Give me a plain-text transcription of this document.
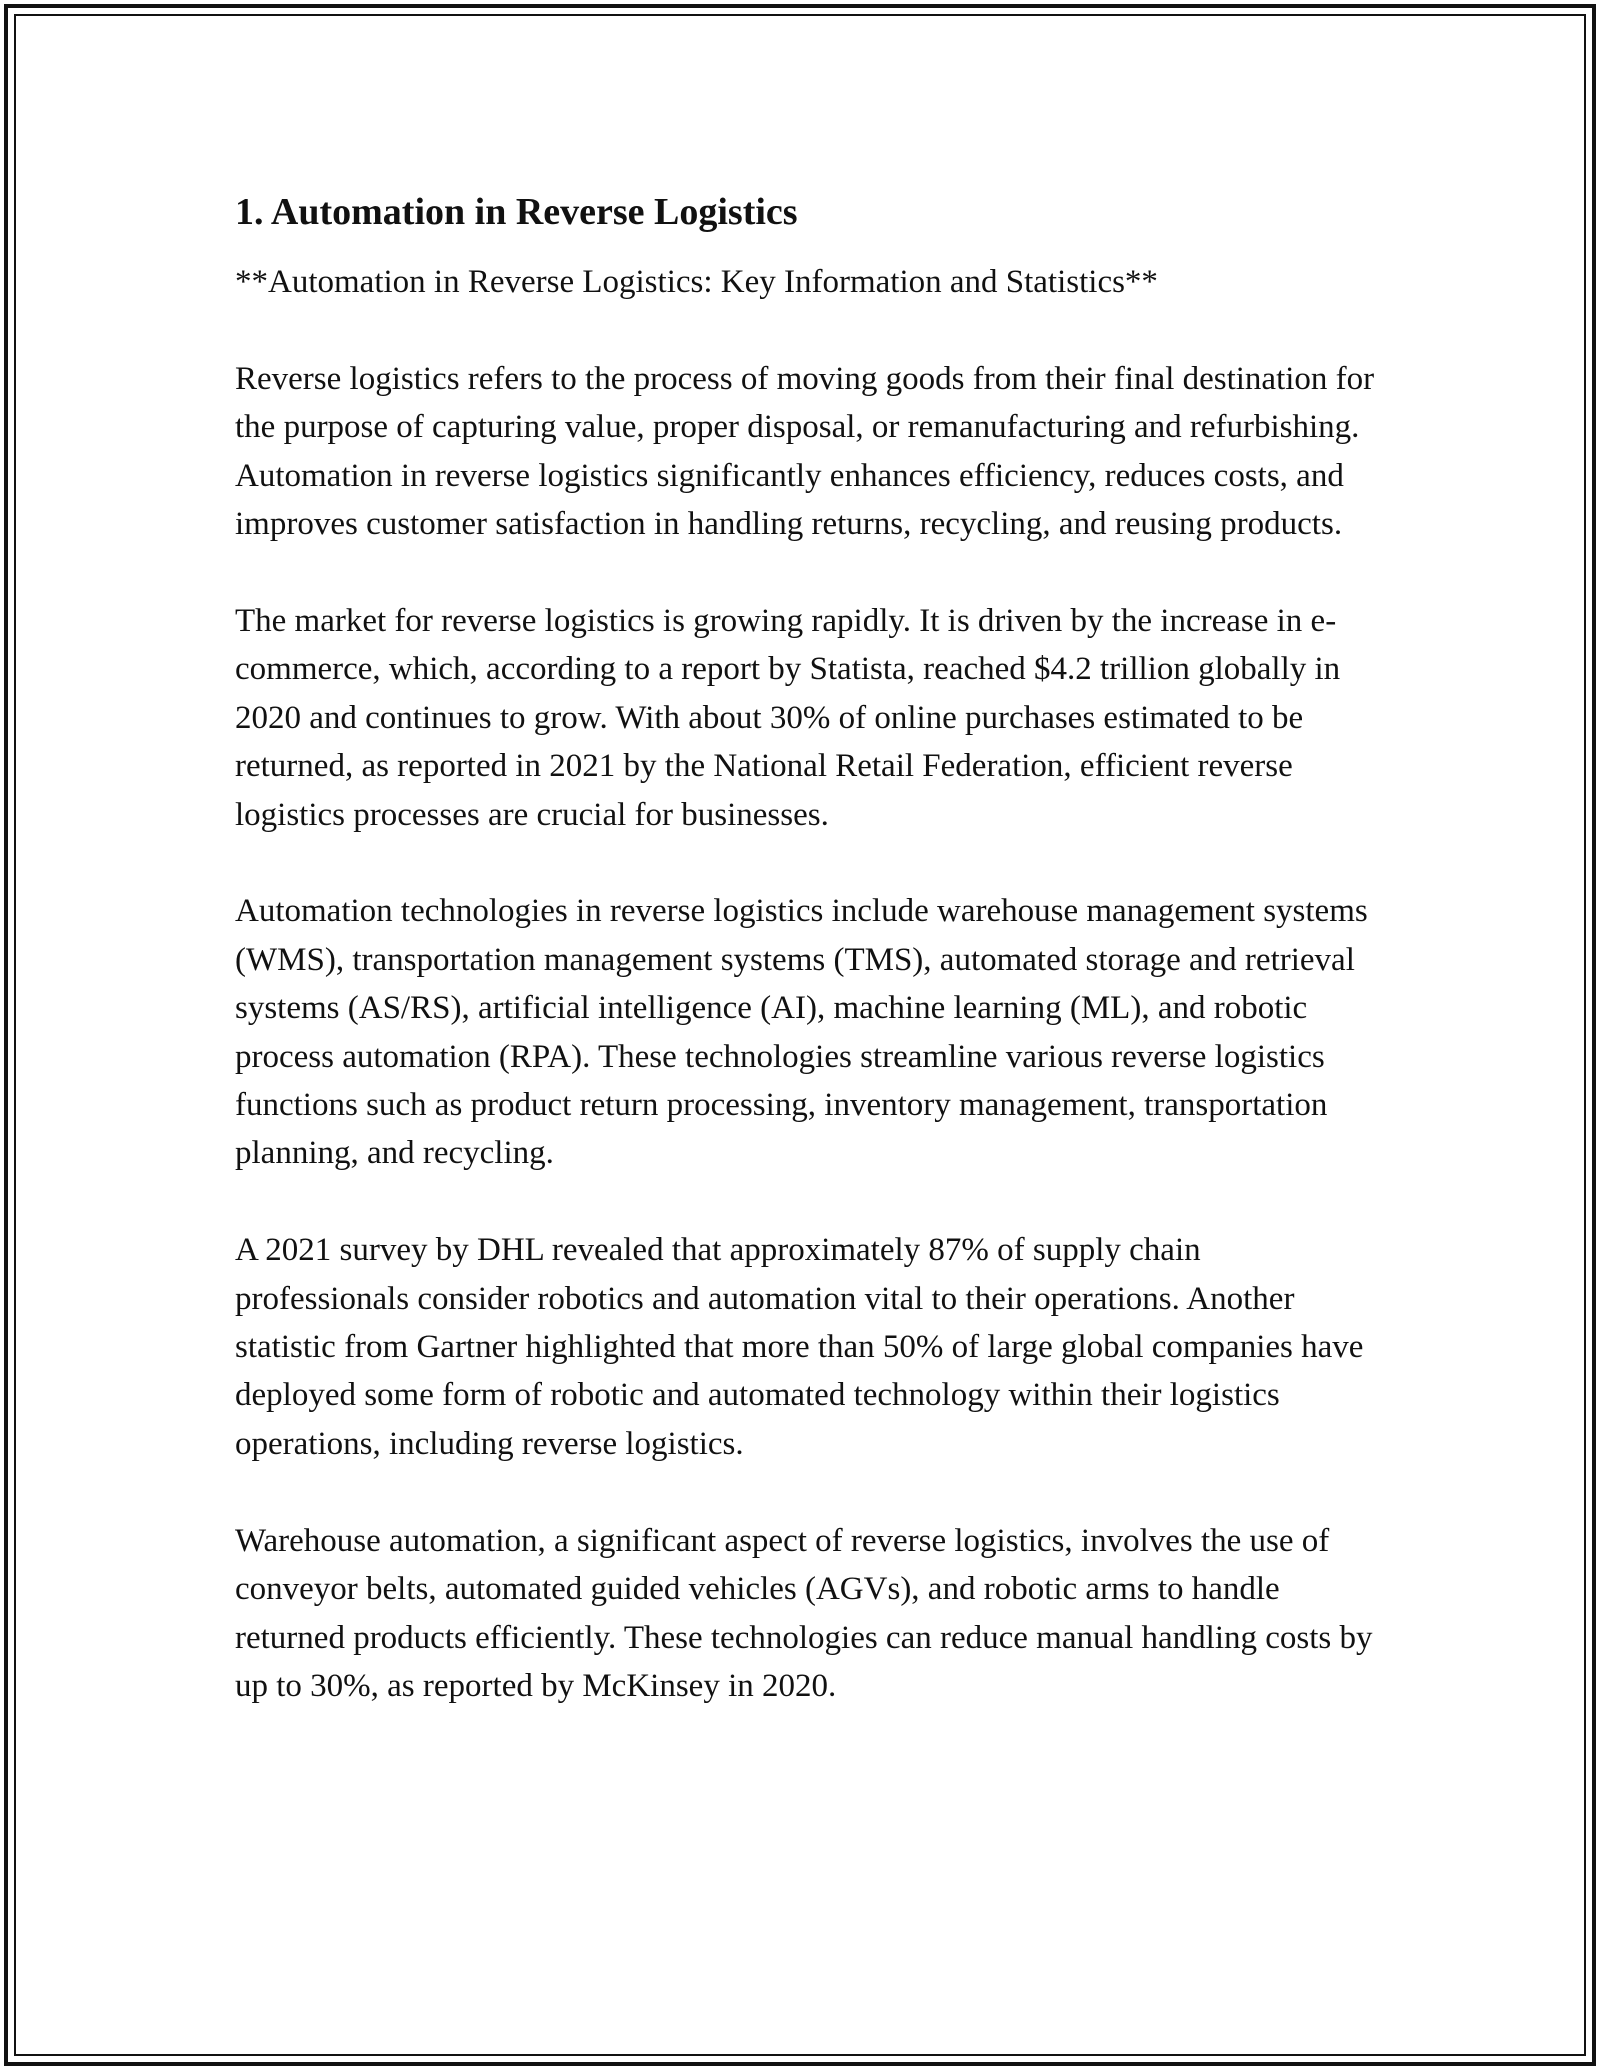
1. Automation in Reverse Logistics

**Automation in Reverse Logistics: Key Information and Statistics**

Reverse logistics refers to the process of moving goods from their final destination for the purpose of capturing value, proper disposal, or remanufacturing and refurbishing. Automation in reverse logistics significantly enhances efficiency, reduces costs, and improves customer satisfaction in handling returns, recycling, and reusing products.

The market for reverse logistics is growing rapidly. It is driven by the increase in e-commerce, which, according to a report by Statista, reached $4.2 trillion globally in 2020 and continues to grow. With about 30% of online purchases estimated to be returned, as reported in 2021 by the National Retail Federation, efficient reverse logistics processes are crucial for businesses.

Automation technologies in reverse logistics include warehouse management systems (WMS), transportation management systems (TMS), automated storage and retrieval systems (AS/RS), artificial intelligence (AI), machine learning (ML), and robotic process automation (RPA). These technologies streamline various reverse logistics functions such as product return processing, inventory management, transportation planning, and recycling.

A 2021 survey by DHL revealed that approximately 87% of supply chain professionals consider robotics and automation vital to their operations. Another statistic from Gartner highlighted that more than 50% of large global companies have deployed some form of robotic and automated technology within their logistics operations, including reverse logistics.

Warehouse automation, a significant aspect of reverse logistics, involves the use of conveyor belts, automated guided vehicles (AGVs), and robotic arms to handle returned products efficiently. These technologies can reduce manual handling costs by up to 30%, as reported by McKinsey in 2020.
